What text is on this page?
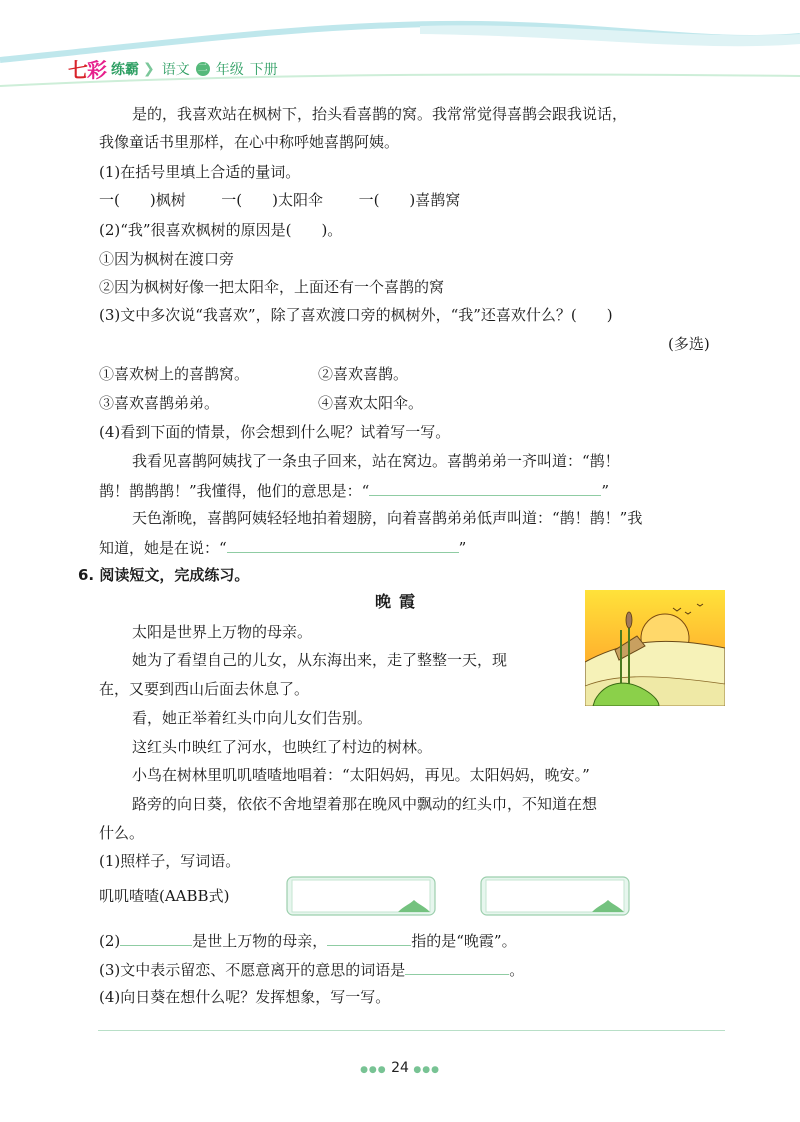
七彩 练霸 ❯ 语文 二 年级 下册
是的，我喜欢站在枫树下，抬头看喜鹊的窝。我常常觉得喜鹊会跟我说话，
我像童话书里那样，在心中称呼她喜鹊阿姨。
(1)在括号里填上合适的量词。
一( )枫树 一( )太阳伞 一( )喜鹊窝
(2)“我”很喜欢枫树的原因是(　　)。
①因为枫树在渡口旁
②因为枫树好像一把太阳伞，上面还有一个喜鹊的窝
(3)文中多次说“我喜欢”，除了喜欢渡口旁的枫树外，“我”还喜欢什么？(　　)
(多选)
①喜欢树上的喜鹊窝。	②喜欢喜鹊。
③喜欢喜鹊弟弟。	④喜欢太阳伞。
(4)看到下面的情景，你会想到什么呢？试着写一写。
我看见喜鹊阿姨找了一条虫子回来，站在窝边。喜鹊弟弟一齐叫道：“鹊！
鹊！鹊鹊鹊！”我懂得，他们的意思是：“	”
天色渐晚，喜鹊阿姨轻轻地拍着翅膀，向着喜鹊弟弟低声叫道：“鹊！鹊！”我
知道，她是在说：“	”
6. 阅读短文，完成练习。
晚霞
太阳是世界上万物的母亲。
她为了看望自己的儿女，从东海出来，走了整整一天，现
在，又要到西山后面去休息了。
看，她正举着红头巾向儿女们告别。
这红头巾映红了河水，也映红了村边的树林。
小鸟在树林里叽叽喳喳地唱着：“太阳妈妈，再见。太阳妈妈，晚安。”
路旁的向日葵，依依不舍地望着那在晚风中飘动的红头巾，不知道在想
什么。
(1)照样子，写词语。
叽叽喳喳(AABB式)
(2)	是世上万物的母亲，	指的是“晚霞”。
(3)文中表示留恋、不愿意离开的意思的词语是	。
(4)向日葵在想什么呢？发挥想象，写一写。
●●● 24 ●●●
